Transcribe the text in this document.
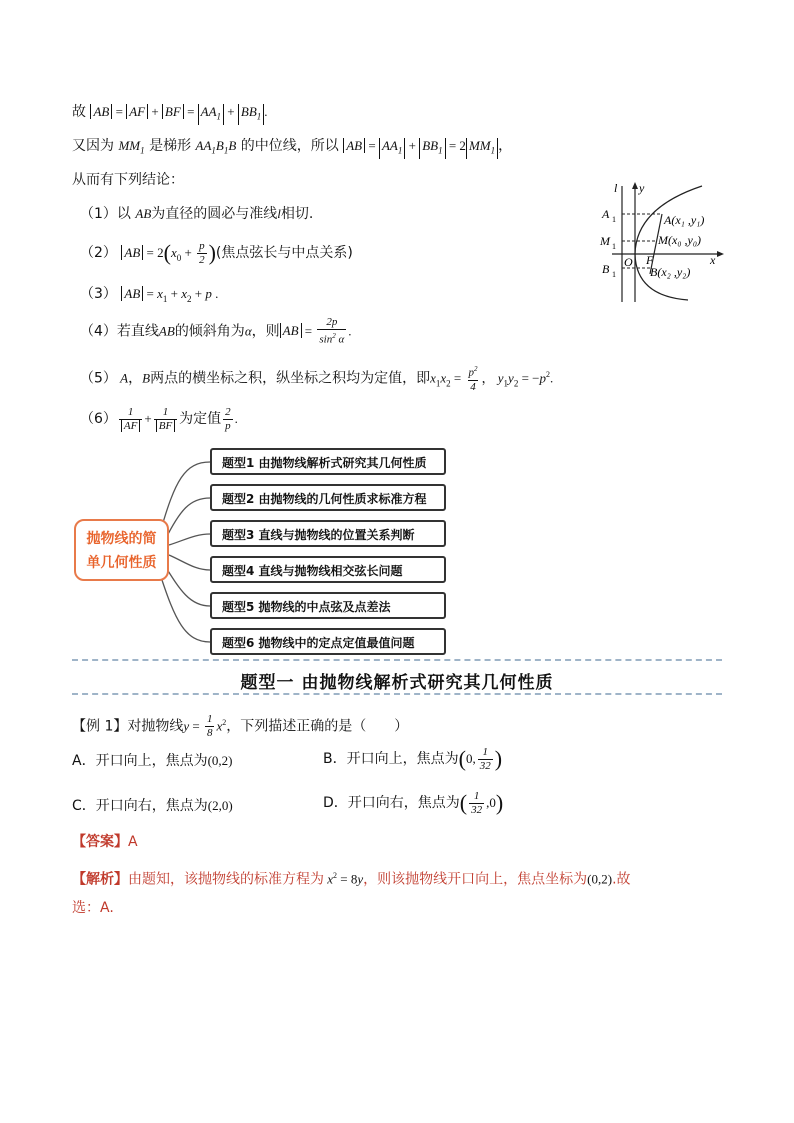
故 AB = AF + BF = $AA_1 + BB_1$ .
又因为 $MM_1$ 是梯形 $AA_1B_1B$ 的中位线，所以 AB = $AA_1 + BB_1 = 2$ $MM_1$ ，
从而有下列结论：
（1）以 AB为直径的圆必与准线l相切.
（2） AB = $2(x_0 + \frac{p}{2}$ )(焦点弦长与中点关系)
（3） AB = $x_1 + x_2 + p$ .
（4）若直线AB的倾斜角为α，则 AB = $\frac{2p}{\sin^2 \alpha}$ .
（5） A，B两点的横坐标之积，纵坐标之积均为定值，即$x_1x_2 = \frac{p^2}{4}$ ， $y_1y_2 = -p^2$.
$(6) \frac{1}{AF} + \frac{1}{BF}$ 为定值 $\frac{2}{p}$ .
l y
x
O F
A 1
M 1
B 1
A(x₁ ,y₁)
M(x₀ ,y₀)
B(x₂ ,y₂)
抛物线的简
单几何性质
题型1 由抛物线解析式研究其几何性质
题型2 由抛物线的几何性质求标准方程
题型3 直线与抛物线的位置关系判断
题型4 直线与抛物线相交弦长问题
题型5 抛物线的中点弦及点差法
题型6 抛物线中的定点定值最值问题
题型一 由抛物线解析式研究其几何性质
【例 1】对抛物线$y = \frac{1}{8} x^2$，下列描述正确的是（　　）
A．开口向上，焦点为(0,2)	B．开口向上，焦点为(0, $\frac{1}{32}$ )
C．开口向右，焦点为(2,0)	D．开口向右，焦点为( $\frac{1}{32} ,0$)
【答案】A
【解析】由题知，该抛物线的标准方程为 $x^2 = 8y$，则该抛物线开口向上，焦点坐标为(0,2).故
选：A.
